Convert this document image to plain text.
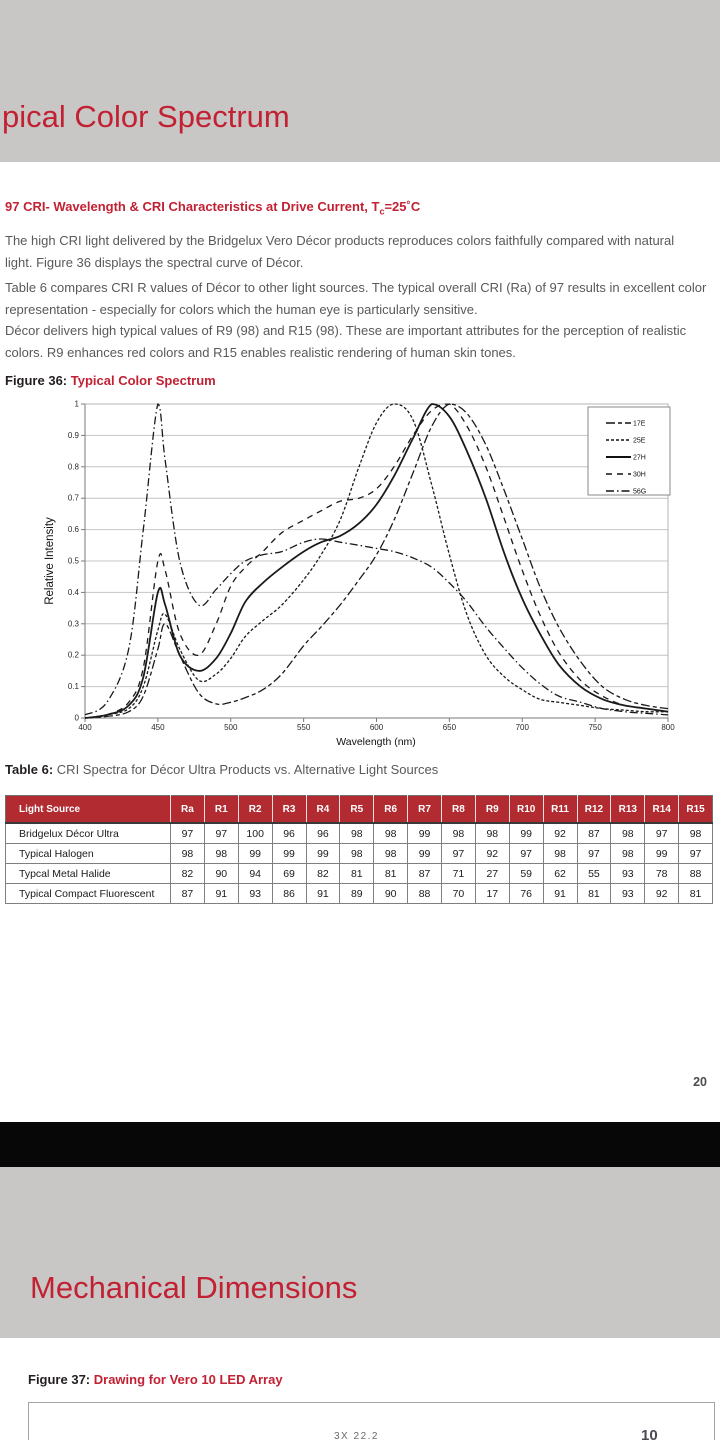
pical Color Spectrum
97 CRI- Wavelength & CRI Characteristics at Drive Current, $T_c=25˚C$
The high CRI light delivered by the Bridgelux Vero Décor products reproduces colors faithfully compared with natural
light. Figure 36 displays the spectral curve of Décor.
Table 6 compares CRI R values of Décor to other light sources. The typical overall CRI (Ra) of 97 results in excellent color
representation - especially for colors which the human eye is particularly sensitive.
Décor delivers high typical values of R9 (98) and R15 (98). These are important attributes for the perception of realistic
colors. R9 enhances red colors and R15 enables realistic rendering of human skin tones.
Figure 36: Typical Color Spectrum
400	450	500	550	600	650	700	750	800
0
0.1
0.2
0.3
0.4
0.5
0.6
0.7
0.8
0.9
1
Relative Intensity
Wavelength (nm)
17E
25E
27H
30H
56G
Table 6: CRI Spectra for Décor Ultra Products vs. Alternative Light Sources
Light Source	Ra	R1	R2	R3	R4	R5	R6	R7	R8	R9	R10	R11	R12	R13	R14	R15
Bridgelux Décor Ultra	97	97	100	96	96	98	98	99	98	98	99	92	87	98	97	98
Typical Halogen	98	98	99	99	99	98	98	99	97	92	97	98	97	98	99	97
Typcal Metal Halide	82	90	94	69	82	81	81	87	71	27	59	62	55	93	78	88
Typical Compact Fluorescent	87	91	93	86	91	89	90	88	70	17	76	91	81	93	92	81
20
Mechanical Dimensions
Figure 37: Drawing for Vero 10 LED Array
3X 22.2	10
